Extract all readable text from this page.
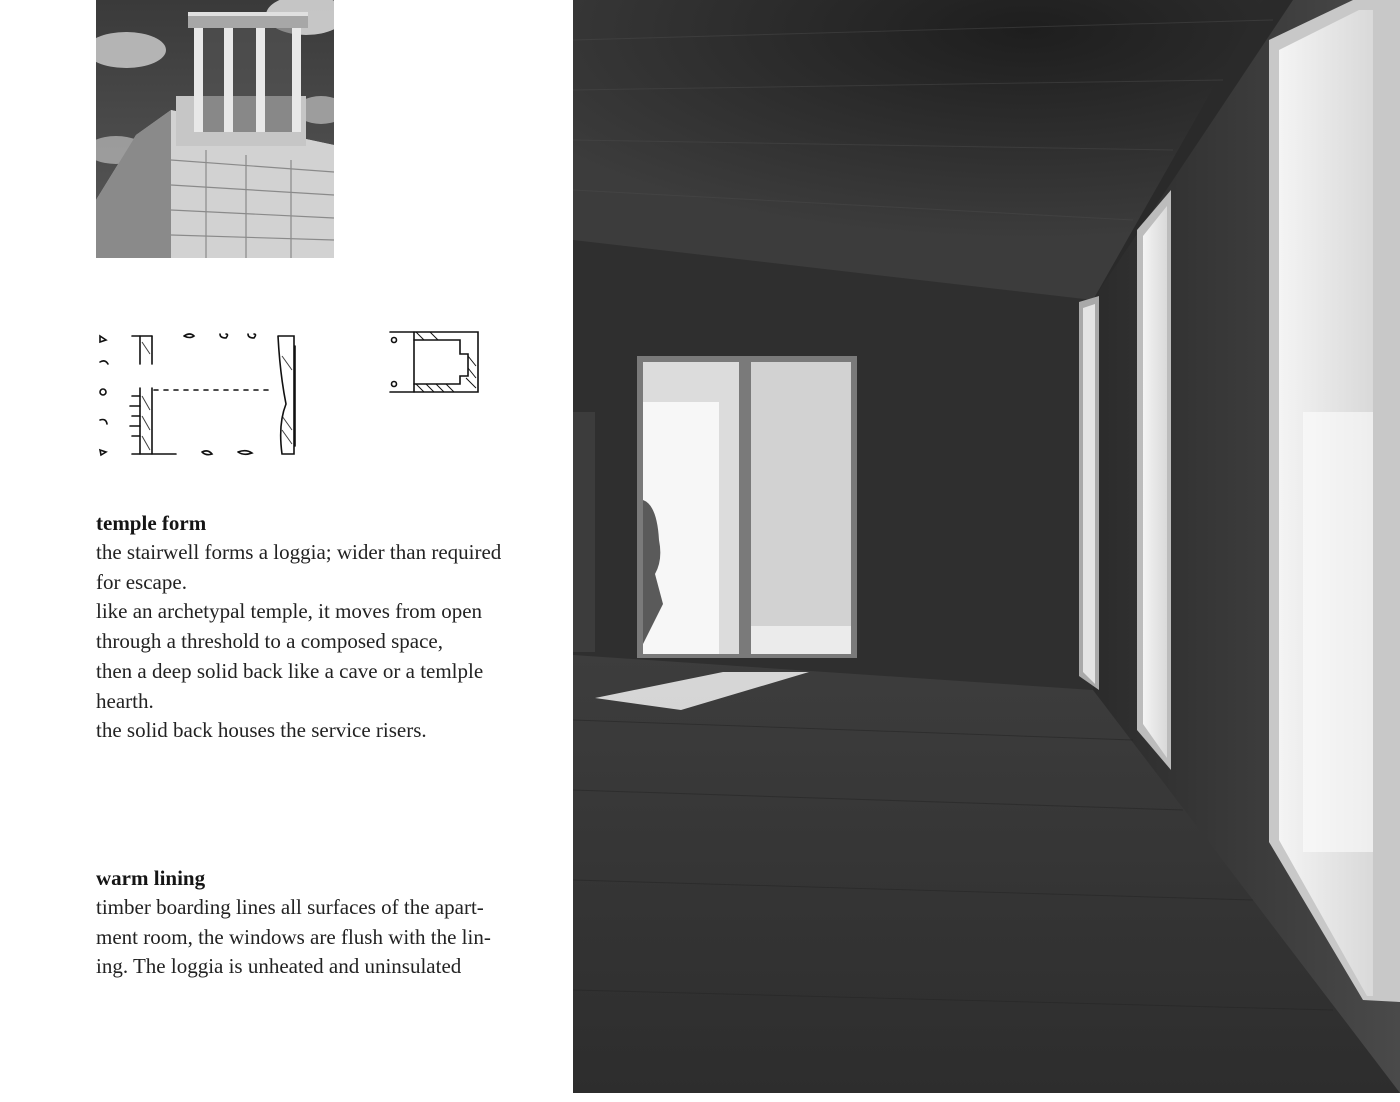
temple form

the stairwell forms a loggia; wider than required

for escape.

like an archetypal temple, it moves from open

through a threshold to a composed space,

then a deep solid back like a cave or a temlple

hearth.

the solid back houses the service risers.

warm lining

timber boarding lines all surfaces of the apart-

ment room, the windows are flush with the lin-

ing. The loggia is unheated and uninsulated
